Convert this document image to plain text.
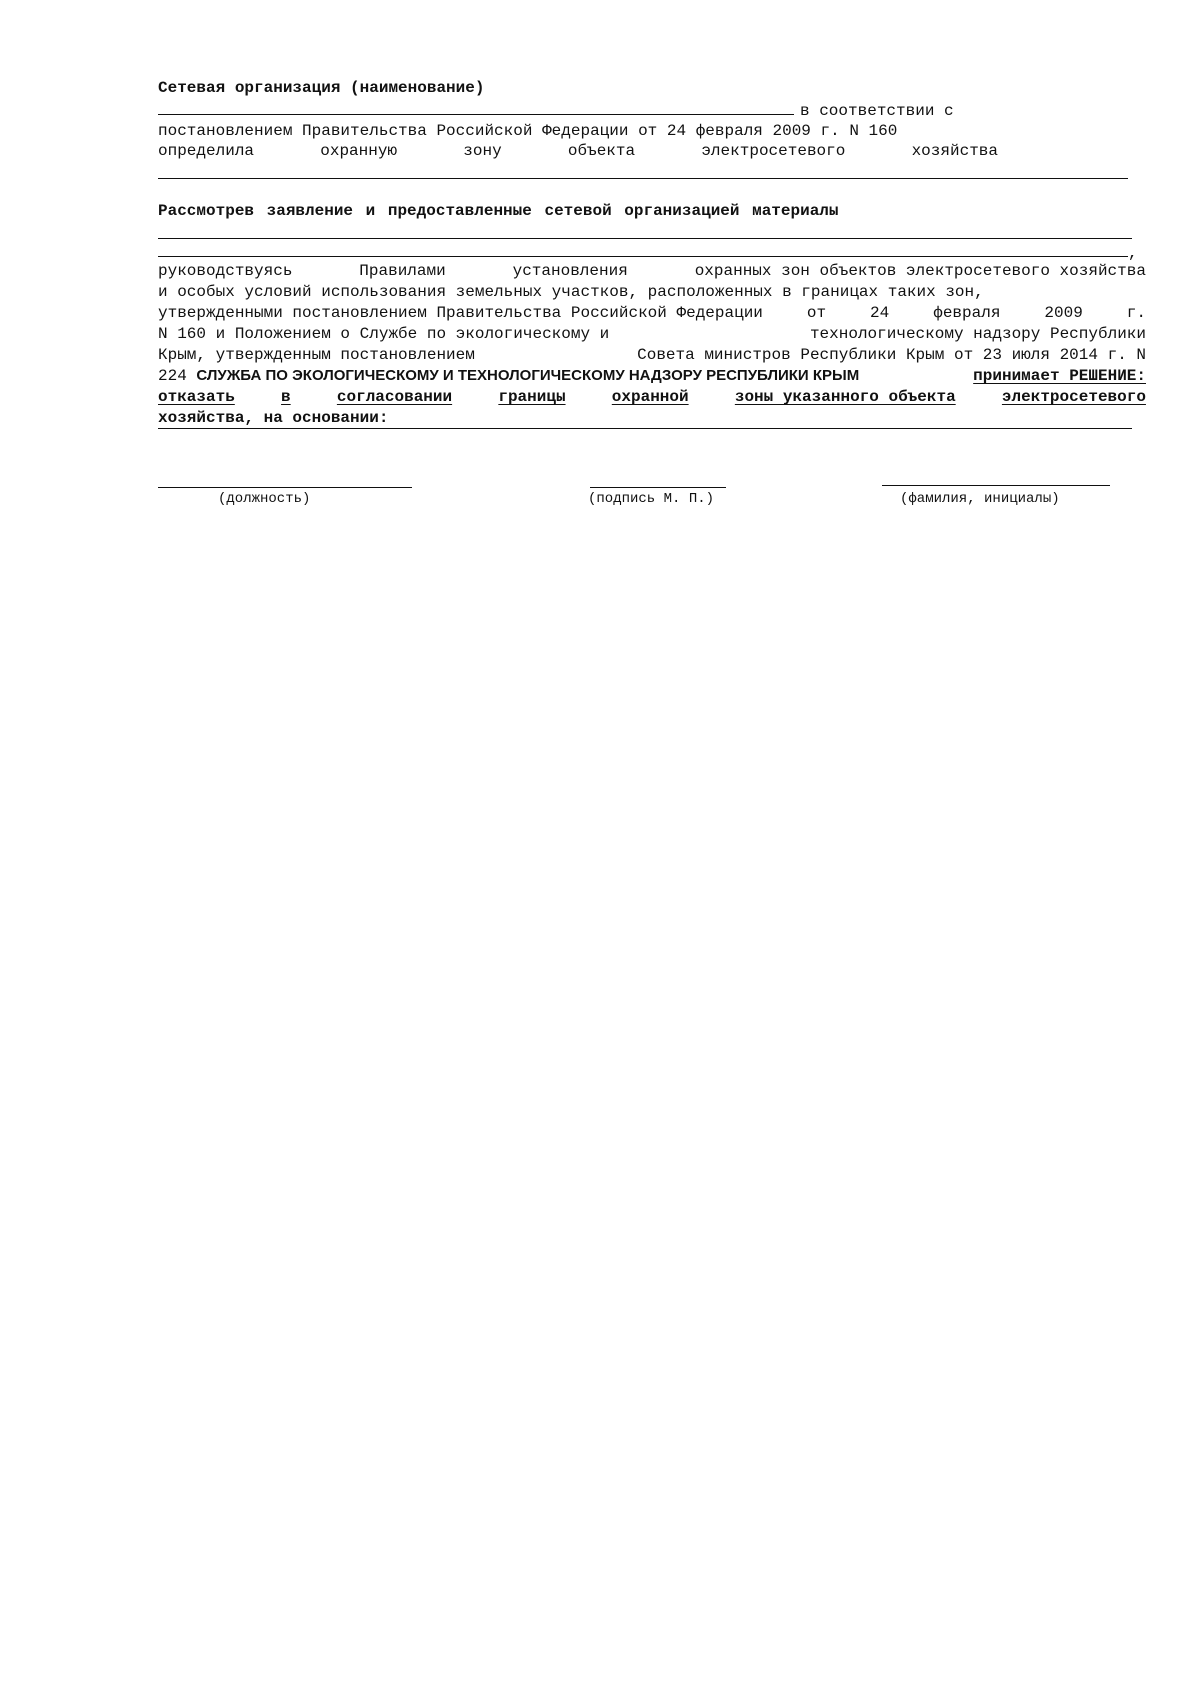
Сетевая организация (наименование)
в соответствии с
постановлением Правительства Российской Федерации от 24 февраля 2009 г. N 160
определила	охранную	зону	объекта	электросетевого	хозяйства
Рассмотрев заявление и предоставленные сетевой организацией материалы
,
руководствуясь	Правилами	установления	охранных зон объектов электросетевого хозяйства
и особых условий использования земельных участков, расположенных в границах таких зон,
утвержденными постановлением Правительства Российской Федерации	от	24	февраля	2009	г.
N 160 и Положением о Службе по экологическому и	технологическому надзору Республики
Крым, утвержденным постановлением	Совета министров Республики Крым от 23 июля 2014 г. N
224 СЛУЖБА ПО ЭКОЛОГИЧЕСКОМУ И ТЕХНОЛОГИЧЕСКОМУ НАДЗОРУ РЕСПУБЛИКИ КРЫМ	принимает РЕШЕНИЕ:
отказать	в	согласовании	границы	охранной	зоны указанного объекта	электросетевого
хозяйства, на основании:
(должность)	(подпись М. П.)	(фамилия, инициалы)
